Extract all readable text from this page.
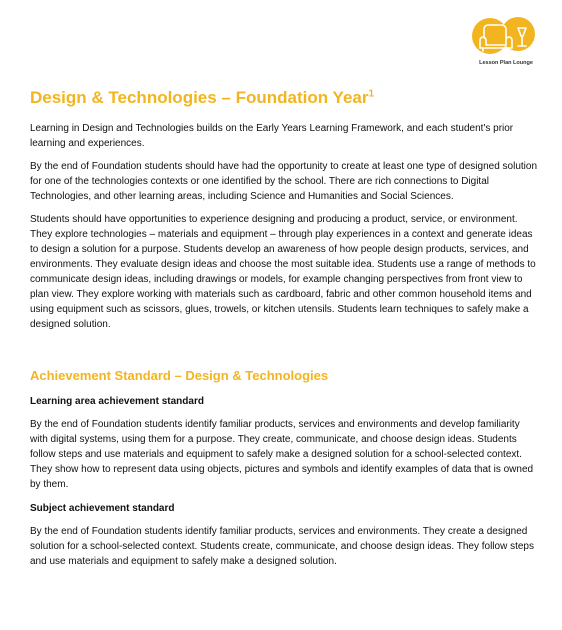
Lesson Plan Lounge
Design & Technologies – Foundation Year$^1$

Learning in Design and Technologies builds on the Early Years Learning Framework, and each student's prior learning and experiences.

By the end of Foundation students should have had the opportunity to create at least one type of designed solution for one of the technologies contexts or one identified by the school. There are rich connections to Digital Technologies, and other learning areas, including Science and Humanities and Social Sciences.

Students should have opportunities to experience designing and producing a product, service, or environment. They explore technologies – materials and equipment – through play experiences in a context and generate ideas to design a solution for a purpose. Students develop an awareness of how people design products, services, and environments. They evaluate design ideas and choose the most suitable idea. Students use a range of methods to communicate design ideas, including drawings or models, for example changing perspectives from front view to plan view. They explore working with materials such as cardboard, fabric and other common household items and using equipment such as scissors, glues, trowels, or kitchen utensils. Students learn techniques to safely make a designed solution.

Achievement Standard – Design & Technologies
Learning area achievement standard

By the end of Foundation students identify familiar products, services and environments and develop familiarity with digital systems, using them for a purpose. They create, communicate, and choose design ideas. Students follow steps and use materials and equipment to safely make a designed solution for a school-selected context. They show how to represent data using objects, pictures and symbols and identify examples of data that is owned by them.

Subject achievement standard

By the end of Foundation students identify familiar products, services and environments. They create a designed solution for a school-selected context. Students create, communicate, and choose design ideas. They follow steps and use materials and equipment to safely make a designed solution.
